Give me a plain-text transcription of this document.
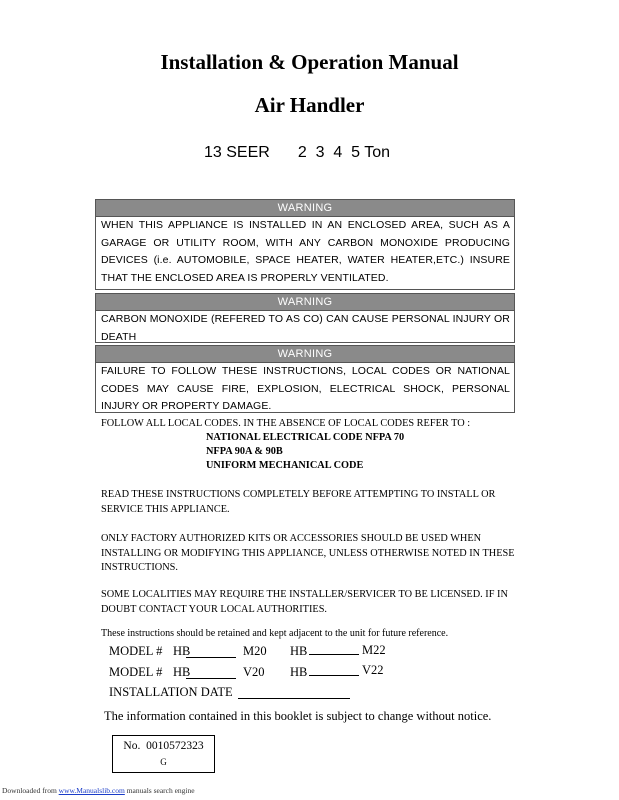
Installation & Operation Manual
Air Handler
13 SEER 2  3  4  5 Ton
WARNING
WHEN THIS APPLIANCE IS INSTALLED IN AN ENCLOSED AREA, SUCH AS A GARAGE OR UTILITY ROOM, WITH ANY CARBON MONOXIDE PRODUCING DEVICES (i.e. AUTOMOBILE, SPACE HEATER, WATER HEATER,ETC.) INSURE THAT THE ENCLOSED AREA IS PROPERLY VENTILATED.
WARNING
CARBON MONOXIDE (REFERED TO AS CO) CAN CAUSE PERSONAL INJURY OR DEATH
WARNING
FAILURE TO FOLLOW THESE INSTRUCTIONS, LOCAL CODES OR NATIONAL CODES MAY CAUSE FIRE, EXPLOSION, ELECTRICAL SHOCK, PERSONAL INJURY OR PROPERTY DAMAGE.
FOLLOW ALL LOCAL CODES. IN THE ABSENCE OF LOCAL CODES REFER TO :
NATIONAL ELECTRICAL CODE NFPA 70
NFPA 90A & 90B
UNIFORM MECHANICAL CODE
READ THESE INSTRUCTIONS COMPLETELY BEFORE ATTEMPTING TO INSTALL OR SERVICE THIS APPLIANCE.
ONLY FACTORY AUTHORIZED KITS OR ACCESSORIES SHOULD BE USED WHEN INSTALLING OR MODIFYING THIS APPLIANCE, UNLESS OTHERWISE NOTED IN THESE INSTRUCTIONS.
SOME LOCALITIES MAY REQUIRE THE INSTALLER/SERVICER TO BE LICENSED. IF IN DOUBT CONTACT YOUR LOCAL AUTHORITIES.
These instructions should be retained and kept adjacent to the unit for future reference.
MODEL # HB	M20 HB	M22
MODEL # HB	V20 HB	V22
INSTALLATION DATE
The information contained in this booklet is subject to change without notice.
No.  0010572323
G
Downloaded from www.Manualslib.com manuals search engine
